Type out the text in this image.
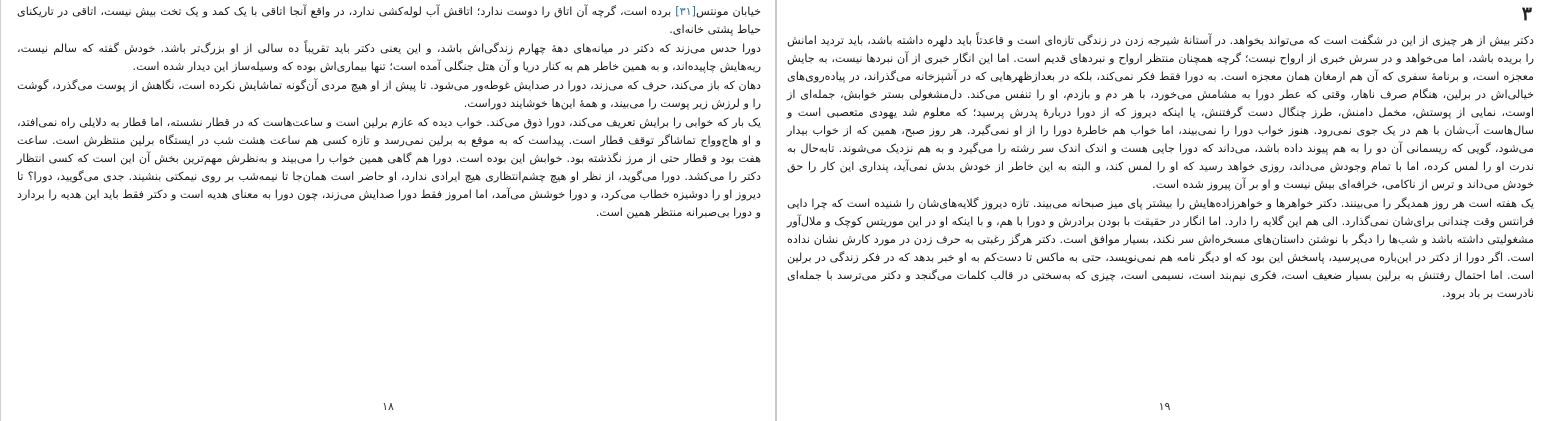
خیابان مونتس[۳۱] برده است، گرچه آن اتاق را دوست ندارد؛ اتاقش آب لوله‌کشی ندارد، در واقع آنجا اتاقی با یک کمد و یک تخت بیش نیست، اتاقی در تاریکنای حیاط پشتی خانه‌ای.

دورا حدس می‌زند که دکتر در میانه‌های دههٔ چهارم زندگی‌اش باشد، و این یعنی دکتر باید تقریباً ده سالی از او بزرگ‌تر باشد. خودش گفته که سالم نیست، ریه‌هایش چاپیده‌اند، و به همین خاطر هم به کنار دریا و آن هتل جنگلی آمده است؛ تنها بیماری‌اش بوده که وسیله‌ساز این دیدار شده است.

دهان که باز می‌کند، حرف که می‌زند، دورا در صدایش غوطه‌ور می‌شود. تا پیش از او هیچ مردی آن‌گونه تماشایش نکرده است، نگاهش از پوست می‌گذرد، گوشت را و لرزش زیر پوست را می‌بیند، و همهٔ این‌ها خوشایند دوراست.

یک بار که خوابی را برایش تعریف می‌کند، دورا ذوق می‌کند. خواب دیده که عازم برلین است و ساعت‌هاست که در قطار نشسته، اما قطار به دلایلی راه نمی‌افتد، و او هاج‌وواج تماشاگر توقف قطار است. پیداست که به موقع به برلین نمی‌رسد و تازه کسی هم ساعت هشت شب در ایستگاه برلین منتظرش است. ساعت هفت بود و قطار حتی از مرز نگذشته بود. خوابش این بوده است. دورا هم گاهی همین خواب را می‌بیند و به‌نظرش مهم‌ترین بخش آن این است که کسی انتظار دکتر را می‌کشد. دورا می‌گوید، از نظر او هیچ چشم‌انتظاری هیچ ایرادی ندارد، او حاضر است همان‌جا تا نیمه‌شب بر روی نیمکتی بنشیند. جدی می‌گویید، دورا؟ تا دیروز او را دوشیزه خطاب می‌کرد، و دورا خوشش می‌آمد، اما امروز فقط دورا صدایش می‌زند، چون دورا به معنای هدیه است و دکتر فقط باید این هدیه را بردارد و دورا بی‌صبرانه منتظر همین است.

۱۸
۳

دکتر بیش از هر چیزی از این در شگفت است که می‌تواند بخواهد. در آستانهٔ شیرجه زدن در زندگی تازه‌ای است و قاعدتاً باید دلهره داشته باشد، باید تردید امانش را بریده باشد، اما می‌خواهد و در سرش خبری از ارواح نیست؛ گرچه همچنان منتظر ارواح و نبردهای قدیم است. اما این انگار خبری از آن نبردها نیست، به جایش معجزه است، و برنامهٔ سفری که آن هم ارمغان همان معجزه است. به دورا فقط فکر نمی‌کند، بلکه در بعدازظهرهایی که در آشپزخانه می‌گذراند، در پیاده‌روی‌های خیالی‌اش در برلین، هنگام صرف ناهار، وقتی که عطر دورا به مشامش می‌خورد، با هر دم و بازدم، او را تنفس می‌کند. دل‌مشغولی بستر خوابش، جمله‌ای از اوست، نمایی از پوستش، مخمل دامنش، طرز چنگال دست گرفتنش، یا اینکه دیروز که از دورا دربارهٔ پدرش پرسید؛ که معلوم شد یهودی متعصبی است و سال‌هاست آب‌شان با هم در یک جوی نمی‌رود. هنوز خواب دورا را نمی‌بیند، اما خواب هم خاطرهٔ دورا را از او نمی‌گیرد. هر روز صبح، همین که از خواب بیدار می‌شود، گویی که ریسمانی آن دو را به هم پیوند داده باشد، می‌داند که دورا جایی هست و اندک اندک سر رشته را می‌گیرد و به هم نزدیک می‌شوند. تابه‌حال به ندرت او را لمس کرده، اما با تمام وجودش می‌داند، روزی خواهد رسید که او را لمس کند، و البته به این خاطر از خودش بدش نمی‌آید، پنداری این کار را حق خودش می‌داند و ترس از ناکامی، خرافه‌ای بیش نیست و او بر آن پیروز شده است.

یک هفته است هر روز همدیگر را می‌بینند. دکتر خواهرها و خواهرزاده‌هایش را بیشتر پای میز صبحانه می‌بیند. تازه دیروز گلایه‌های‌شان را شنیده است که چرا دایی فرانتس وقت چندانی برای‌شان نمی‌گذارد. الی هم این گلایه را دارد. اما انگار در حقیقت با بودن برادرش و دورا با هم، و با اینکه او در این موریتس کوچک و ملال‌آور مشغولیتی داشته باشد و شب‌ها را دیگر با نوشتن داستان‌های مسخره‌اش سر نکند، بسیار موافق است. دکتر هرگز رغبتی به حرف زدن در مورد کارش نشان نداده است. اگر دورا از دکتر در این‌باره می‌پرسید، پاسخش این بود که او دیگر نامه هم نمی‌نویسد، حتی به ماکس تا دست‌کم به او خبر بدهد که در فکر زندگی در برلین است. اما احتمال رفتنش به برلین بسیار ضعیف است، فکری نیم‌بند است، نسیمی است، چیزی که به‌سختی در قالب کلمات می‌گنجد و دکتر می‌ترسد با جمله‌ای نادرست بر باد برود.

۱۹
